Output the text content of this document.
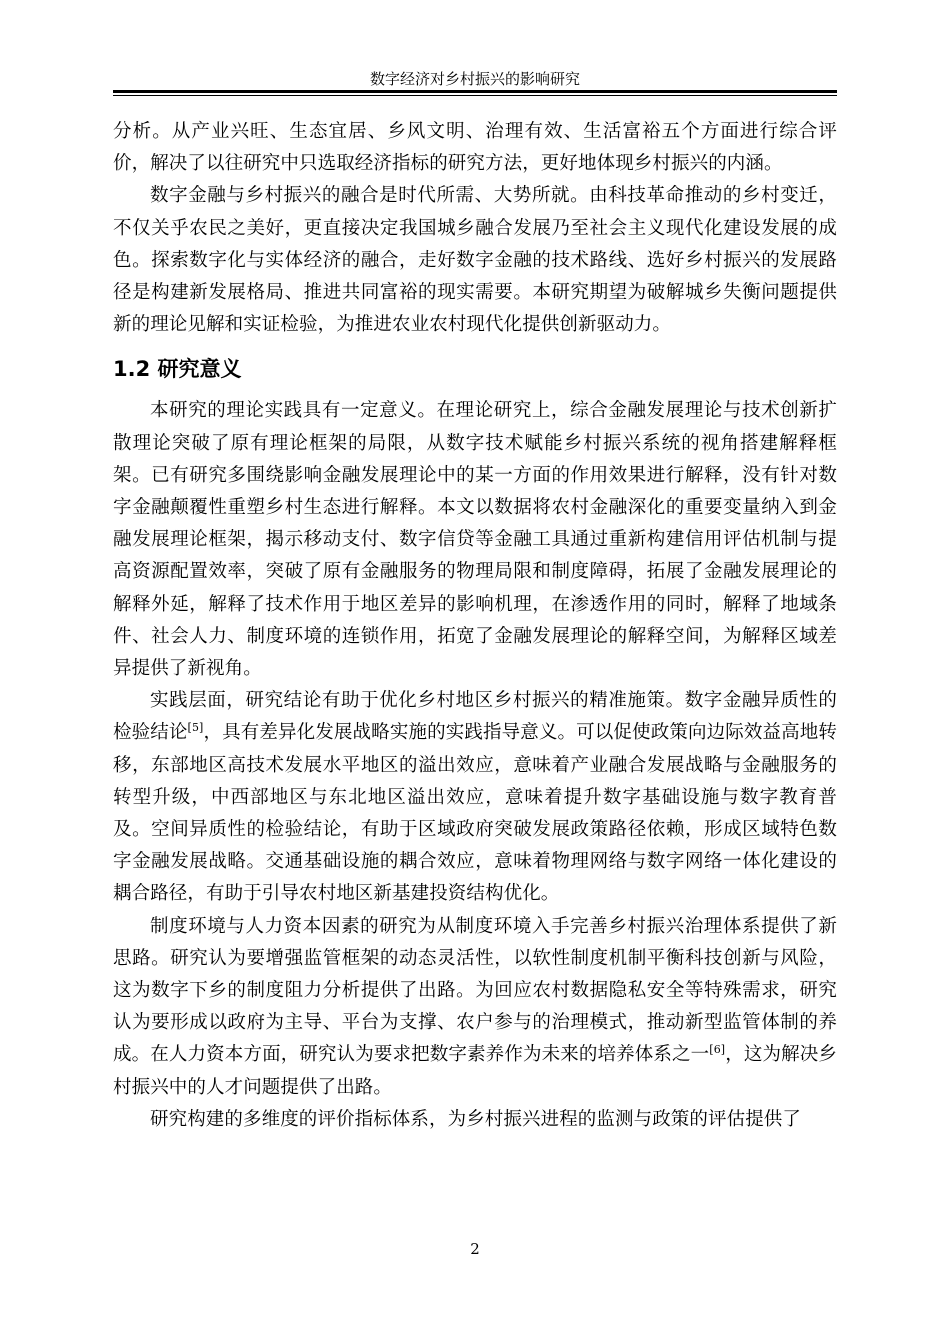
数字经济对乡村振兴的影响研究

分析。从产业兴旺、生态宜居、乡风文明、治理有效、生活富裕五个方面进行综合评价，解决了以往研究中只选取经济指标的研究方法，更好地体现乡村振兴的内涵。

数字金融与乡村振兴的融合是时代所需、大势所就。由科技革命推动的乡村变迁，不仅关乎农民之美好，更直接决定我国城乡融合发展乃至社会主义现代化建设发展的成色。探索数字化与实体经济的融合，走好数字金融的技术路线、选好乡村振兴的发展路径是构建新发展格局、推进共同富裕的现实需要。本研究期望为破解城乡失衡问题提供新的理论见解和实证检验，为推进农业农村现代化提供创新驱动力。

1.2 研究意义

本研究的理论实践具有一定意义。在理论研究上，综合金融发展理论与技术创新扩散理论突破了原有理论框架的局限，从数字技术赋能乡村振兴系统的视角搭建解释框架。已有研究多围绕影响金融发展理论中的某一方面的作用效果进行解释，没有针对数字金融颠覆性重塑乡村生态进行解释。本文以数据将农村金融深化的重要变量纳入到金融发展理论框架，揭示移动支付、数字信贷等金融工具通过重新构建信用评估机制与提高资源配置效率，突破了原有金融服务的物理局限和制度障碍，拓展了金融发展理论的解释外延，解释了技术作用于地区差异的影响机理，在渗透作用的同时，解释了地域条件、社会人力、制度环境的连锁作用，拓宽了金融发展理论的解释空间，为解释区域差异提供了新视角。

实践层面，研究结论有助于优化乡村地区乡村振兴的精准施策。数字金融异质性的检验结论[5]，具有差异化发展战略实施的实践指导意义。可以促使政策向边际效益高地转移，东部地区高技术发展水平地区的溢出效应，意味着产业融合发展战略与金融服务的转型升级，中西部地区与东北地区溢出效应，意味着提升数字基础设施与数字教育普及。空间异质性的检验结论，有助于区域政府突破发展政策路径依赖，形成区域特色数字金融发展战略。交通基础设施的耦合效应，意味着物理网络与数字网络一体化建设的耦合路径，有助于引导农村地区新基建投资结构优化。

制度环境与人力资本因素的研究为从制度环境入手完善乡村振兴治理体系提供了新思路。研究认为要增强监管框架的动态灵活性，以软性制度机制平衡科技创新与风险，这为数字下乡的制度阻力分析提供了出路。为回应农村数据隐私安全等特殊需求，研究认为要形成以政府为主导、平台为支撑、农户参与的治理模式，推动新型监管体制的养成。在人力资本方面，研究认为要求把数字素养作为未来的培养体系之一[6]，这为解决乡村振兴中的人才问题提供了出路。

研究构建的多维度的评价指标体系，为乡村振兴进程的监测与政策的评估提供了

2
